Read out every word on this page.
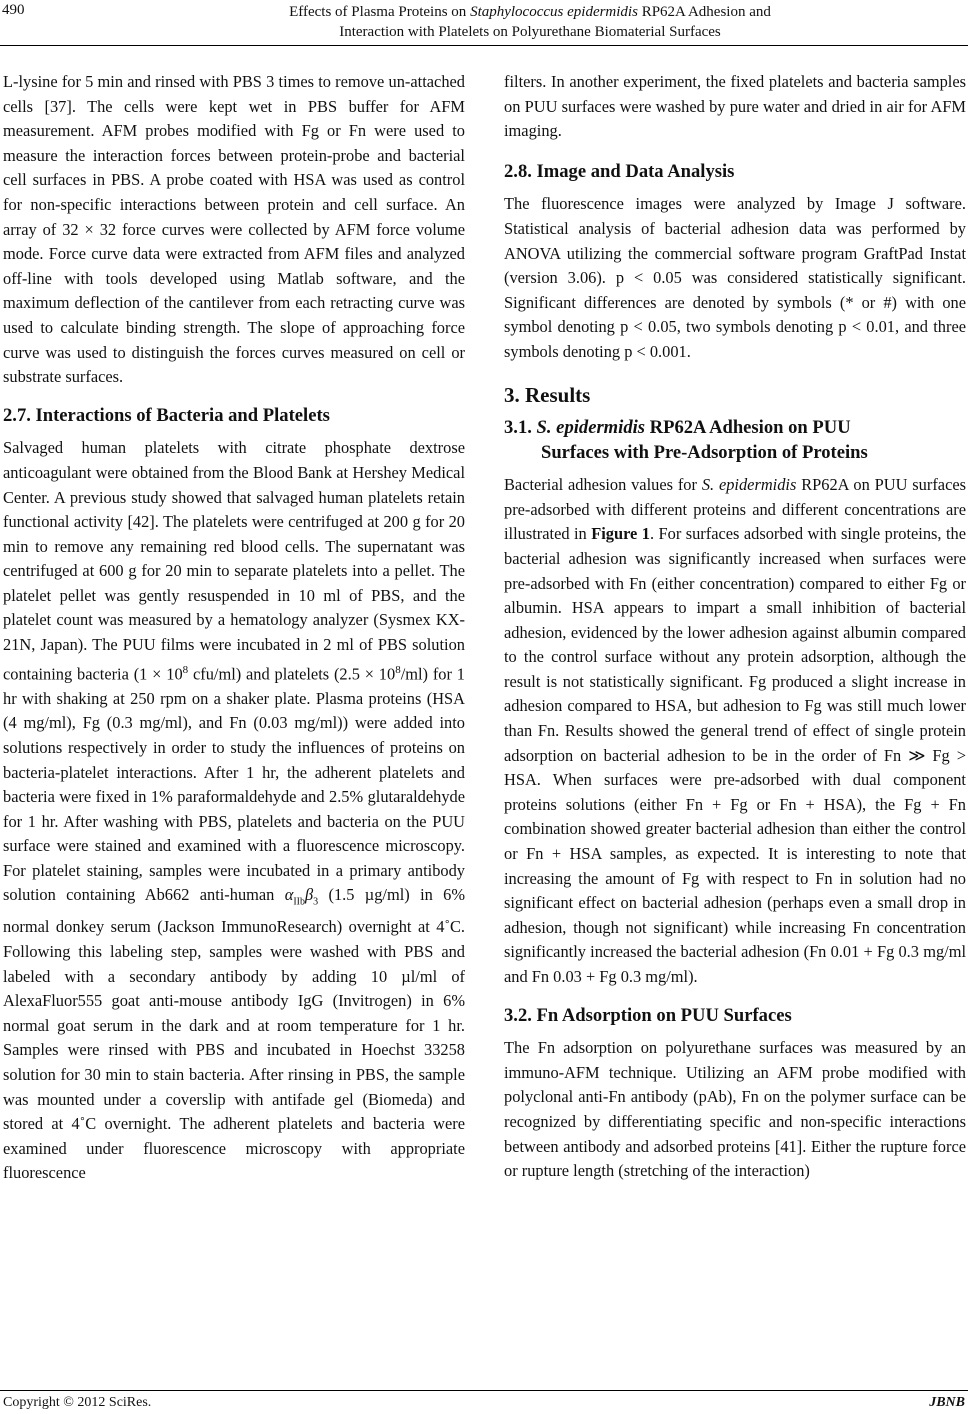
490	Effects of Plasma Proteins on Staphylococcus epidermidis RP62A Adhesion and
Interaction with Platelets on Polyurethane Biomaterial Surfaces

L-lysine for 5 min and rinsed with PBS 3 times to remove un-attached cells [37]. The cells were kept wet in PBS buffer for AFM measurement. AFM probes modified with Fg or Fn were used to measure the interaction forces between protein-probe and bacterial cell surfaces in PBS. A probe coated with HSA was used as control for non-specific interactions between protein and cell surface. An array of 32 × 32 force curves were collected by AFM force volume mode. Force curve data were extracted from AFM files and analyzed off-line with tools developed using Matlab software, and the maximum deflection of the cantilever from each retracting curve was used to calculate binding strength. The slope of approaching force curve was used to distinguish the forces curves measured on cell or substrate surfaces.

2.7. Interactions of Bacteria and Platelets

Salvaged human platelets with citrate phosphate dextrose anticoagulant were obtained from the Blood Bank at Hershey Medical Center. A previous study showed that salvaged human platelets retain functional activity [42]. The platelets were centrifuged at 200 g for 20 min to remove any remaining red blood cells. The supernatant was centrifuged at 600 g for 20 min to separate platelets into a pellet. The platelet pellet was gently resuspended in 10 ml of PBS, and the platelet count was measured by a hematology analyzer (Sysmex KX-21N, Japan). The PUU films were incubated in 2 ml of PBS solution containing bacteria ($1 \times 10^8$ cfu/ml) and platelets $(2.5 \times 10^8/ml)$ for 1 hr with shaking at 250 rpm on a shaker plate. Plasma proteins (HSA (4 mg/ml), Fg (0.3 mg/ml), and Fn (0.03 mg/ml)) were added into solutions respectively in order to study the influences of proteins on bacteria-platelet interactions. After 1 hr, the adherent platelets and bacteria were fixed in 1% paraformaldehyde and 2.5% glutaraldehyde for 1 hr. After washing with PBS, platelets and bacteria on the PUU surface were stained and examined with a fluorescence microscopy. For platelet staining, samples were incubated in a primary antibody solution containing Ab662 anti-human $\alpha_{IIb}\beta_3$ (1.5 µg/ml) in 6% normal donkey serum (Jackson ImmunoResearch) overnight at 4˚C. Following this labeling step, samples were washed with PBS and labeled with a secondary antibody by adding 10 µl/ml of AlexaFluor555 goat anti-mouse antibody IgG (Invitrogen) in 6% normal goat serum in the dark and at room temperature for 1 hr. Samples were rinsed with PBS and incubated in Hoechst 33258 solution for 30 min to stain bacteria. After rinsing in PBS, the sample was mounted under a coverslip with antifade gel (Biomeda) and stored at 4˚C overnight. The adherent platelets and bacteria were examined under fluorescence microscopy with appropriate fluorescence

filters. In another experiment, the fixed platelets and bacteria samples on PUU surfaces were washed by pure water and dried in air for AFM imaging.

2.8. Image and Data Analysis

The fluorescence images were analyzed by Image J software. Statistical analysis of bacterial adhesion data was performed by ANOVA utilizing the commercial software program GraftPad Instat (version 3.06). p < 0.05 was considered statistically significant. Significant differences are denoted by symbols (* or #) with one symbol denoting p < 0.05, two symbols denoting p < 0.01, and three symbols denoting p < 0.001.

3. Results

3.1. S. epidermidis RP62A Adhesion on PUU
Surfaces with Pre-Adsorption of Proteins

Bacterial adhesion values for S. epidermidis RP62A on PUU surfaces pre-adsorbed with different proteins and different concentrations are illustrated in Figure 1. For surfaces adsorbed with single proteins, the bacterial adhesion was significantly increased when surfaces were pre-adsorbed with Fn (either concentration) compared to either Fg or albumin. HSA appears to impart a small inhibition of bacterial adhesion, evidenced by the lower adhesion against albumin compared to the control surface without any protein adsorption, although the result is not statistically significant. Fg produced a slight increase in adhesion compared to HSA, but adhesion to Fg was still much lower than Fn. Results showed the general trend of effect of single protein adsorption on bacterial adhesion to be in the order of Fn ≫ Fg > HSA. When surfaces were pre-adsorbed with dual component proteins solutions (either Fn + Fg or Fn + HSA), the Fg + Fn combination showed greater bacterial adhesion than either the control or Fn + HSA samples, as expected. It is interesting to note that increasing the amount of Fg with respect to Fn in solution had no significant effect on bacterial adhesion (perhaps even a small drop in adhesion, though not significant) while increasing Fn concentration significantly increased the bacterial adhesion (Fn 0.01 + Fg 0.3 mg/ml and Fn 0.03 + Fg 0.3 mg/ml).

3.2. Fn Adsorption on PUU Surfaces

The Fn adsorption on polyurethane surfaces was measured by an immuno-AFM technique. Utilizing an AFM probe modified with polyclonal anti-Fn antibody (pAb), Fn on the polymer surface can be recognized by differentiating specific and non-specific interactions between antibody and adsorbed proteins [41]. Either the rupture force or rupture length (stretching of the interaction)

Copyright © 2012 SciRes.	JBNB
